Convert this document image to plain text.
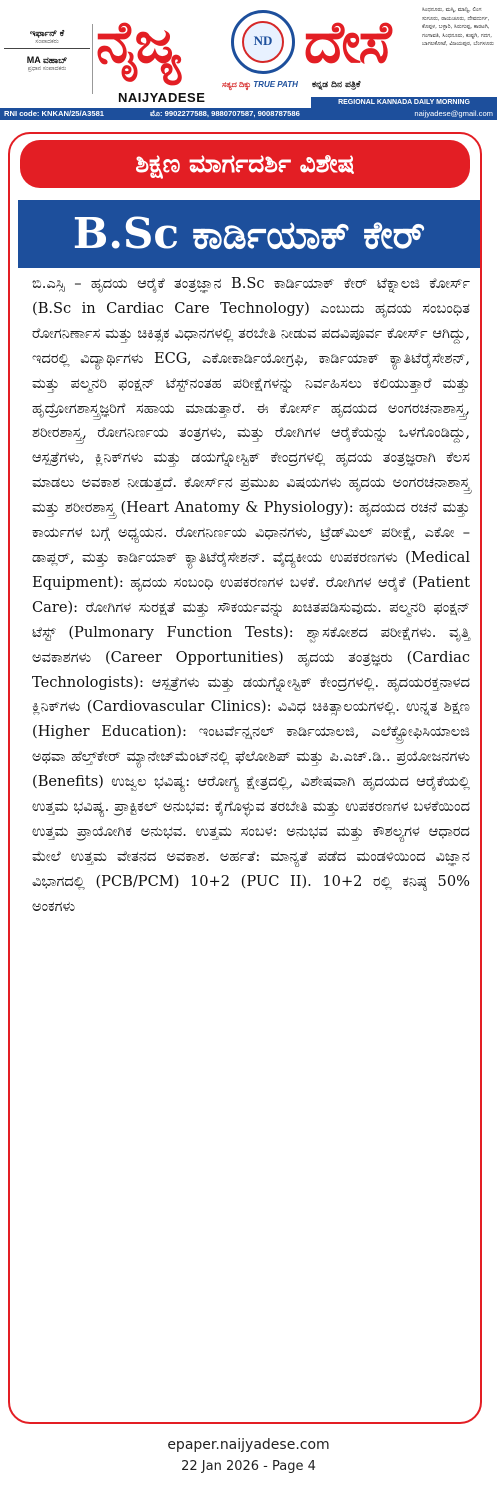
ಇರ್ಫಾನ್ ಕೆ
ಸಂಪಾದಕರು
MA ವಹಾಬ್
ಪ್ರಧಾನ ಸಂಪಾದಕರು ನೈಜ್ಯ	ND ದೇಸೆ
NAIJYA DESE
ಸತ್ಯದ ದಿಕ್ಕು TRUE PATH ಕನ್ನಡ ದಿನ ಪತ್ರಿಕೆ
ಸಿಂಧನೂರು, ಮಸ್ಕಿ, ಮಾನ್ವಿ, ಲಿಂಗಸುಗೂರು, ರಾಯಚೂರು, ದೇವದುರ್ಗ, ಕೊಪ್ಪಳ, ಬಳ್ಳಾರಿ, ಸಿರುಗುಪ್ಪ, ಕಾರಟಗಿ, ಗಂಗಾವತಿ, ಸಿಂಧನೂರು, ಕುಷ್ಟಗಿ, ಗದಗ, ಬಾಗಲಕೋಟೆ, ವಿಜಯಪುರ, ಬೆಂಗಳೂರು
REGIONAL KANNADA DAILY MORNING
RNI code: KNKAN/25/A3581	ಮೊ: 9902277588, 9880707587, 9008787586	naijyadese@gmail.com
ಶಿಕ್ಷಣ ಮಾರ್ಗದರ್ಶಿ ವಿಶೇಷ
B.Sc ಕಾರ್ಡಿಯಾಕ್ ಕೇರ್
ಬಿ.ಎಸ್ಸಿ – ಹೃದಯ ಆರೈಕೆ ತಂತ್ರಜ್ಞಾನ B.Sc ಕಾರ್ಡಿಯಾಕ್ ಕೇರ್ ಟೆಕ್ನಾಲಜಿ ಕೋರ್ಸ್ (B.Sc in Cardiac Care Technology) ಎಂಬುದು ಹೃದಯ ಸಂಬಂಧಿತ ರೋಗನಿರ್ಣಾಸ ಮತ್ತು ಚಿಕಿತ್ಸಕ ವಿಧಾನಗಳಲ್ಲಿ ತರಬೇತಿ ನೀಡುವ ಪದವಿಪೂರ್ವ ಕೋರ್ಸ್ ಆಗಿದ್ದು, ಇದರಲ್ಲಿ ವಿದ್ಯಾರ್ಥಿಗಳು ECG, ಎಕೋಕಾರ್ಡಿಯೋಗ್ರಫಿ, ಕಾರ್ಡಿಯಾಕ್ ಕ್ಯಾತಿಟೆರೈಸೇಶನ್, ಮತ್ತು ಪಲ್ಮನರಿ ಫಂಕ್ಷನ್ ಟೆಸ್ಟ್‌ನಂತಹ ಪರೀಕ್ಷೆಗಳನ್ನು ನಿರ್ವಹಿಸಲು ಕಲಿಯುತ್ತಾರೆ ಮತ್ತು ಹೃದ್ರೋಗಶಾಸ್ತ್ರಜ್ಞರಿಗೆ ಸಹಾಯ ಮಾಡುತ್ತಾರೆ. ಈ ಕೋರ್ಸ್ ಹೃದಯದ ಅಂಗರಚನಾಶಾಸ್ತ್ರ, ಶರೀರಶಾಸ್ತ್ರ, ರೋಗನಿರ್ಣಯ ತಂತ್ರಗಳು, ಮತ್ತು ರೋಗಿಗಳ ಆರೈಕೆಯನ್ನು ಒಳಗೊಂಡಿದ್ದು, ಆಸ್ಪತ್ರೆಗಳು, ಕ್ಲಿನಿಕ್‌ಗಳು ಮತ್ತು ಡಯಗ್ನೋಸ್ಟಿಕ್ ಕೇಂದ್ರಗಳಲ್ಲಿ ಹೃದಯ ತಂತ್ರಜ್ಞರಾಗಿ ಕೆಲಸ ಮಾಡಲು ಅವಕಾಶ ನೀಡುತ್ತದೆ. ಕೋರ್ಸ್‌ನ ಪ್ರಮುಖ ವಿಷಯಗಳು ಹೃದಯ ಅಂಗರಚನಾಶಾಸ್ತ್ರ ಮತ್ತು ಶರೀರಶಾಸ್ತ್ರ (Heart Anatomy & Physiology): ಹೃದಯದ ರಚನೆ ಮತ್ತು ಕಾರ್ಯಗಳ ಬಗ್ಗೆ ಅಧ್ಯಯನ. ರೋಗನಿರ್ಣಯ ವಿಧಾನಗಳು, ಟ್ರೆಡ್‌ಮಿಲ್ ಪರೀಕ್ಷೆ, ಎಕೋ – ಡಾಪ್ಲರ್, ಮತ್ತು ಕಾರ್ಡಿಯಾಕ್ ಕ್ಯಾತಿಟೆರೈಸೇಶನ್. ವೈದ್ಯಕೀಯ ಉಪಕರಣಗಳು (Medical Equipment): ಹೃದಯ ಸಂಬಂಧಿ ಉಪಕರಣಗಳ ಬಳಕೆ. ರೋಗಿಗಳ ಆರೈಕೆ (Patient Care): ರೋಗಿಗಳ ಸುರಕ್ಷತೆ ಮತ್ತು ಸೌಕರ್ಯವನ್ನು ಖಚಿತಪಡಿಸುವುದು. ಪಲ್ಮನರಿ ಫಂಕ್ಷನ್ ಟೆಸ್ಟ್ (Pulmonary Function Tests): ಶ್ವಾಸಕೋಶದ ಪರೀಕ್ಷೆಗಳು. ವೃತ್ತಿ ಅವಕಾಶಗಳು (Career Opportunities) ಹೃದಯ ತಂತ್ರಜ್ಞರು (Cardiac Technologists): ಆಸ್ಪತ್ರೆಗಳು ಮತ್ತು ಡಯಗ್ನೋಸ್ಟಿಕ್ ಕೇಂದ್ರಗಳಲ್ಲಿ. ಹೃದಯರಕ್ತನಾಳದ ಕ್ಲಿನಿಕ್‌ಗಳು (Cardiovascular Clinics): ವಿವಿಧ ಚಿಕಿತ್ಸಾಲಯಗಳಲ್ಲಿ. ಉನ್ನತ ಶಿಕ್ಷಣ (Higher Education): ಇಂಟರ್ವೆನ್ಷನಲ್ ಕಾರ್ಡಿಯಾಲಜಿ, ಎಲೆಕ್ಟ್ರೋಫಿಸಿಯಾಲಜಿ ಅಥವಾ ಹೆಲ್ತ್‌ಕೇರ್ ಮ್ಯಾನೇಜ್‌ಮೆಂಟ್‌ನಲ್ಲಿ ಫೆಲೋಶಿಪ್ ಮತ್ತು ಪಿ.ಎಚ್.ಡಿ.. ಪ್ರಯೋಜನಗಳು (Benefits) ಉಜ್ವಲ ಭವಿಷ್ಯ: ಆರೋಗ್ಯ ಕ್ಷೇತ್ರದಲ್ಲಿ, ವಿಶೇಷವಾಗಿ ಹೃದಯದ ಆರೈಕೆಯಲ್ಲಿ ಉತ್ತಮ ಭವಿಷ್ಯ. ಪ್ರಾಕ್ಟಿಕಲ್ ಅನುಭವ: ಕೈಗೊಳ್ಳುವ ತರಬೇತಿ ಮತ್ತು ಉಪಕರಣಗಳ ಬಳಕೆಯಿಂದ ಉತ್ತಮ ಪ್ರಾಯೋಗಿಕ ಅನುಭವ. ಉತ್ತಮ ಸಂಬಳ: ಅನುಭವ ಮತ್ತು ಕೌಶಲ್ಯಗಳ ಆಧಾರದ ಮೇಲೆ ಉತ್ತಮ ವೇತನದ ಅವಕಾಶ. ಅರ್ಹತೆ: ಮಾನ್ಯತೆ ಪಡೆದ ಮಂಡಳಿಯಿಂದ ವಿಜ್ಞಾನ ವಿಭಾಗದಲ್ಲಿ (PCB/PCM) 10+2 (PUC II). 10+2 ರಲ್ಲಿ ಕನಿಷ್ಠ 50% ಅಂಕಗಳು
epaper.naijyadese.com
22 Jan 2026 - Page 4
